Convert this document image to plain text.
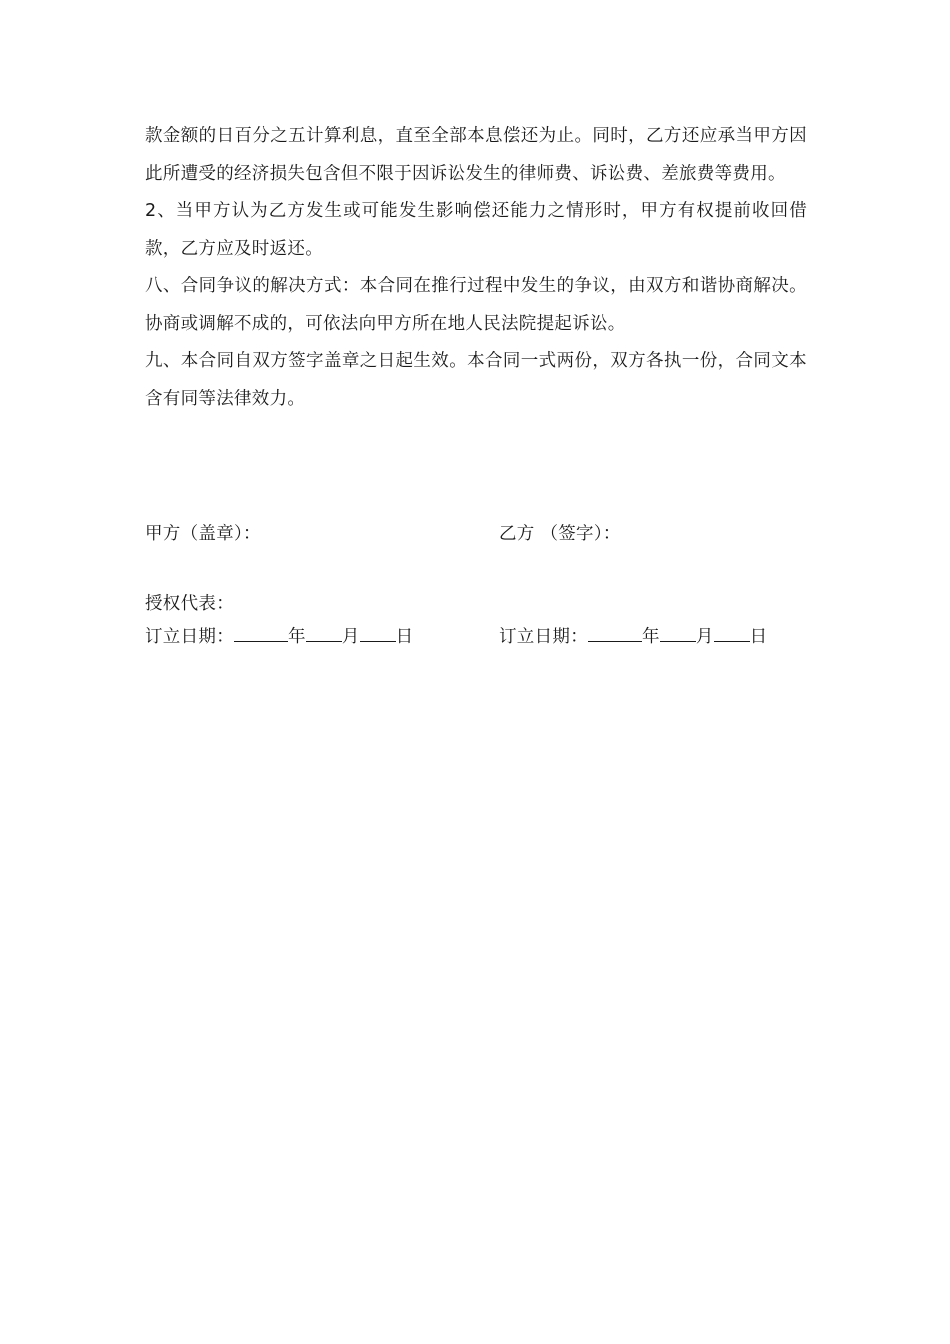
款金额的日百分之五计算利息，直至全部本息偿还为止。同时，乙方还应承当甲方因此所遭受的经济损失包含但不限于因诉讼发生的律师费、诉讼费、差旅费等费用。

2、当甲方认为乙方发生或可能发生影响偿还能力之情形时，甲方有权提前收回借款，乙方应及时返还。

八、合同争议的解决方式：本合同在推行过程中发生的争议，由双方和谐协商解决。协商或调解不成的，可依法向甲方所在地人民法院提起诉讼。

九、本合同自双方签字盖章之日起生效。本合同一式两份，双方各执一份，合同文本含有同等法律效力。

甲方（盖章）：	乙方 （签字）：
授权代表：
订立日期：	年 月 日	订立日期：	年 月 日
